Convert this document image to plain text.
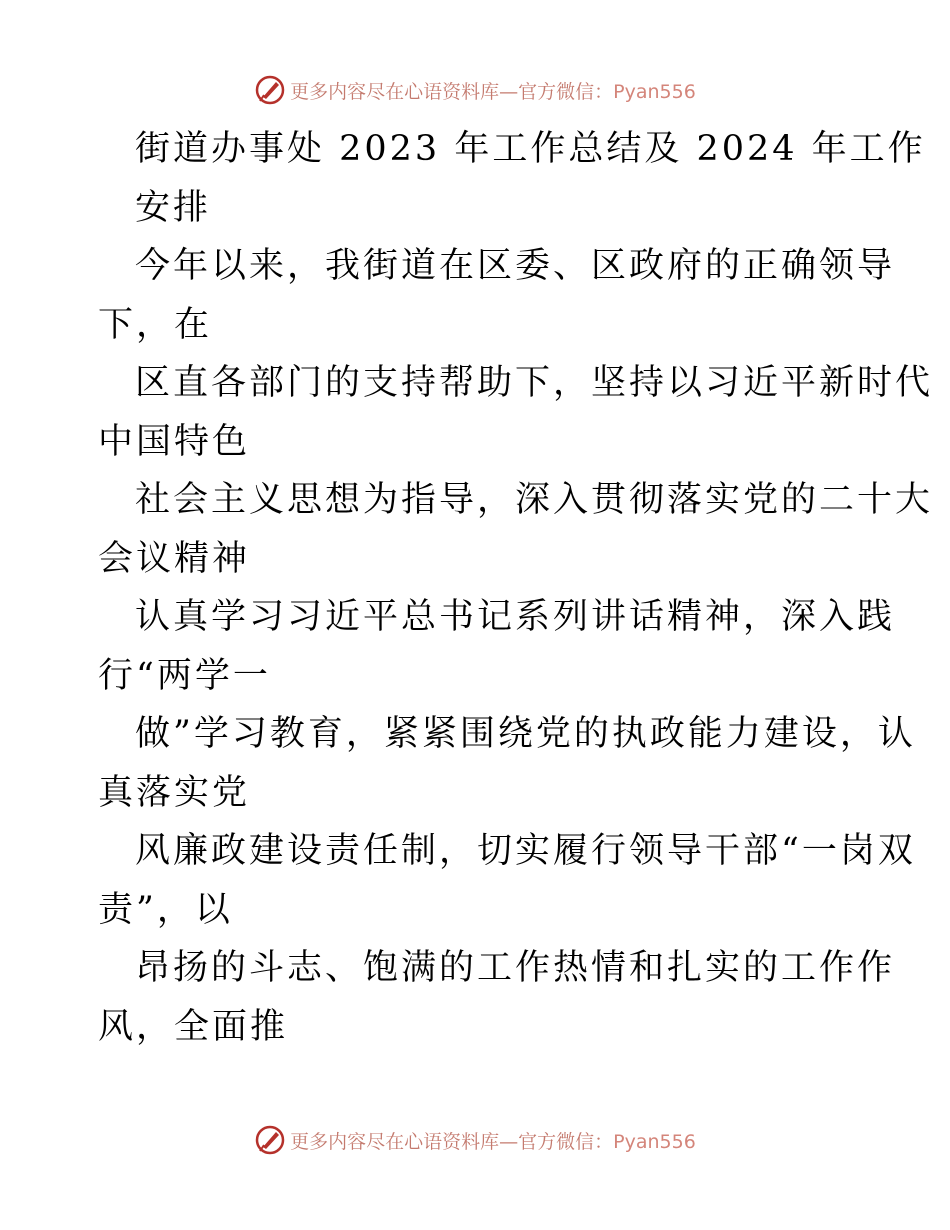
更多内容尽在心语资料库—官方微信：Pyan556
街道办事处 2023 年工作总结及 2024 年工作
安排
今年以来，我街道在区委、区政府的正确领导
下，在
区直各部门的支持帮助下，坚持以习近平新时代
中国特色
社会主义思想为指导，深入贯彻落实党的二十大
会议精神
认真学习习近平总书记系列讲话精神，深入践
行“两学一
做”学习教育，紧紧围绕党的执政能力建设，认
真落实党
风廉政建设责任制，切实履行领导干部“一岗双
责”，以
昂扬的斗志、饱满的工作热情和扎实的工作作
风，全面推
更多内容尽在心语资料库—官方微信：Pyan556
